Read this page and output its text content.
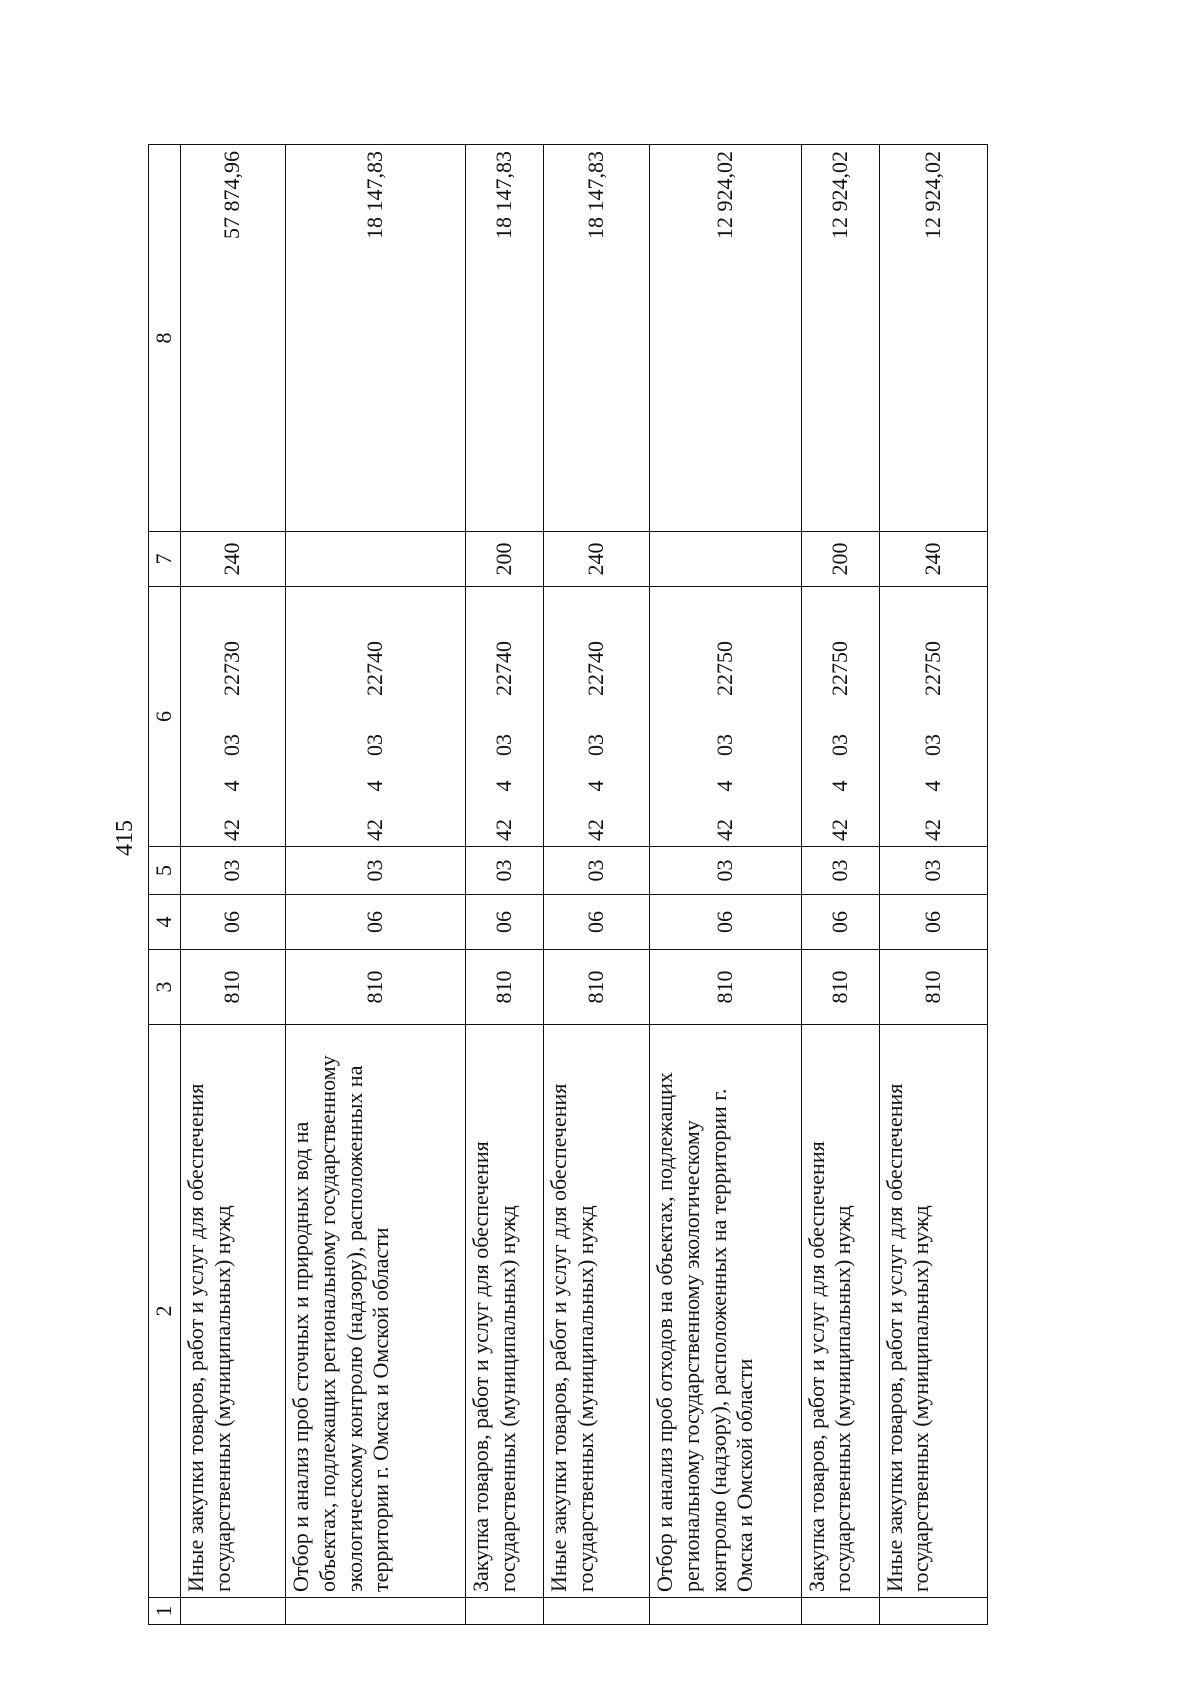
415
1	2	3	4	5	6	7	8
	Иные закупки товаров, работ и услуг для обеспечения государственных (муниципальных) нужд	810	06	03	4240322730	240	57 874,96
	Отбор и анализ проб сточных и природных вод на объектах, подлежащих региональному государственному экологическому контролю (надзору), расположенных на территории г. Омска и Омской области	810	06	03	4240322740		18 147,83
	Закупка товаров, работ и услуг для обеспечения государственных (муниципальных) нужд	810	06	03	4240322740	200	18 147,83
	Иные закупки товаров, работ и услуг для обеспечения государственных (муниципальных) нужд	810	06	03	4240322740	240	18 147,83
	Отбор и анализ проб отходов на объектах, подлежащих региональному государственному экологическому контролю (надзору), расположенных на территории г. Омска и Омской области	810	06	03	4240322750		12 924,02
	Закупка товаров, работ и услуг для обеспечения государственных (муниципальных) нужд	810	06	03	4240322750	200	12 924,02
	Иные закупки товаров, работ и услуг для обеспечения государственных (муниципальных) нужд	810	06	03	4240322750	240	12 924,02
